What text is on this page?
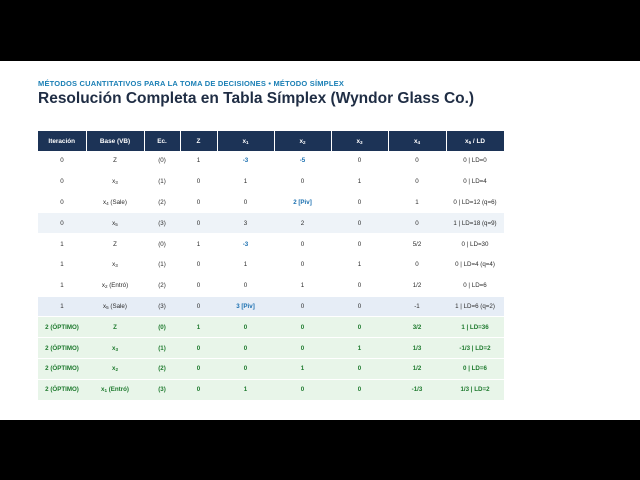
MÉTODOS CUANTITATIVOS PARA LA TOMA DE DECISIONES • MÉTODO SÍMPLEX
Resolución Completa en Tabla Símplex (Wyndor Glass Co.)
Iteración	Base (VB)	Ec.	Z	$x_1$	$x_2$	$x_3$	$x_4$	$x_5$ / LD
0	Z	(0)	1	-3	-5	0	0	0 | LD=0
0	$x_3$	(1)	0	1	0	1	0	0 | LD=4
0	$x_4$ (Sale)	(2)	0	0	2 [Piv]	0	1	0 | LD=12 (q=6)
0	$x_5$	(3)	0	3	2	0	0	1 | LD=18 (q=9)
1	Z	(0)	1	-3	0	0	5/2	0 | LD=30
1	$x_3$	(1)	0	1	0	1	0	0 | LD=4 (q=4)
1	$x_2$ (Entró)	(2)	0	0	1	0	1/2	0 | LD=6
1	$x_5$ (Sale)	(3)	0	3 [Piv]	0	0	-1	1 | LD=6 (q=2)
2 (ÓPTIMO)	Z	(0)	1	0	0	0	3/2	1 | LD=36
2 (ÓPTIMO)	$x_3$	(1)	0	0	0	1	1/3	-1/3 | LD=2
2 (ÓPTIMO)	$x_2$	(2)	0	0	1	0	1/2	0 | LD=6
2 (ÓPTIMO)	$x_1$ (Entró)	(3)	0	1	0	0	-1/3	1/3 | LD=2
